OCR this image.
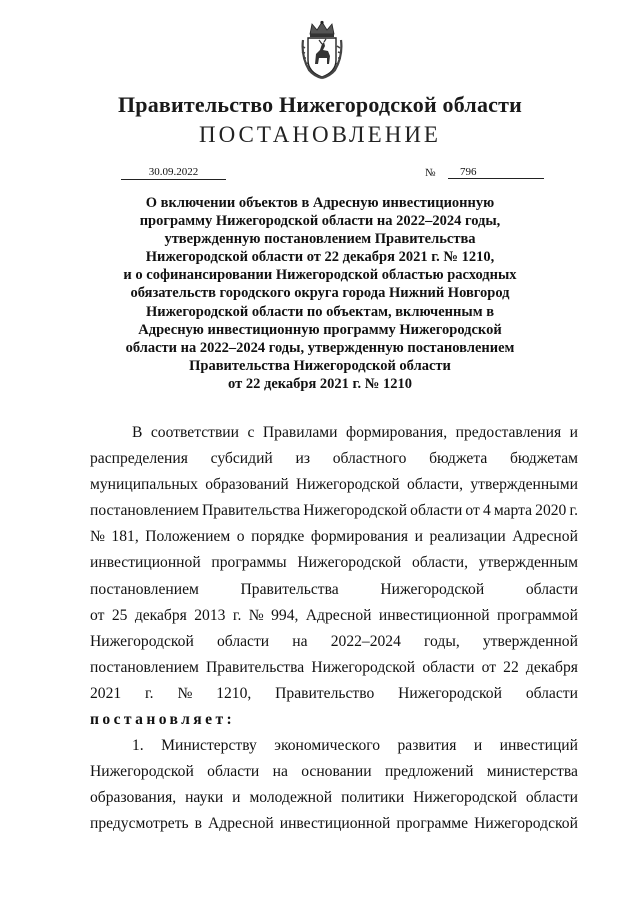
Правительство Нижегородской области
ПОСТАНОВЛЕНИЕ
30.09.2022	№	796
О включении объектов в Адресную инвестиционную
программу Нижегородской области на 2022–2024 годы,
утвержденную постановлением Правительства
Нижегородской области от 22 декабря 2021 г. № 1210,
и о софинансировании Нижегородской областью расходных
обязательств городского округа города Нижний Новгород
Нижегородской области по объектам, включенным в
Адресную инвестиционную программу Нижегородской
области на 2022–2024 годы, утвержденную постановлением
Правительства Нижегородской области
от 22 декабря 2021 г. № 1210
В соответствии с Правилами формирования, предоставления и
распределения субсидий из областного бюджета бюджетам
муниципальных образований Нижегородской области, утвержденными
постановлением Правительства Нижегородской области от 4 марта 2020 г.
№ 181, Положением о порядке формирования и реализации Адресной
инвестиционной программы Нижегородской области, утвержденным
постановлением	Правительства	Нижегородской	области
от 25 декабря 2013 г. № 994, Адресной инвестиционной программой
Нижегородской области на 2022–2024 годы, утвержденной
постановлением Правительства Нижегородской области от 22 декабря
2021 г. № 1210, Правительство Нижегородской области
постановляет:
1. Министерству экономического развития и инвестиций
Нижегородской области на основании предложений министерства
образования, науки и молодежной политики Нижегородской области
предусмотреть в Адресной инвестиционной программе Нижегородской
